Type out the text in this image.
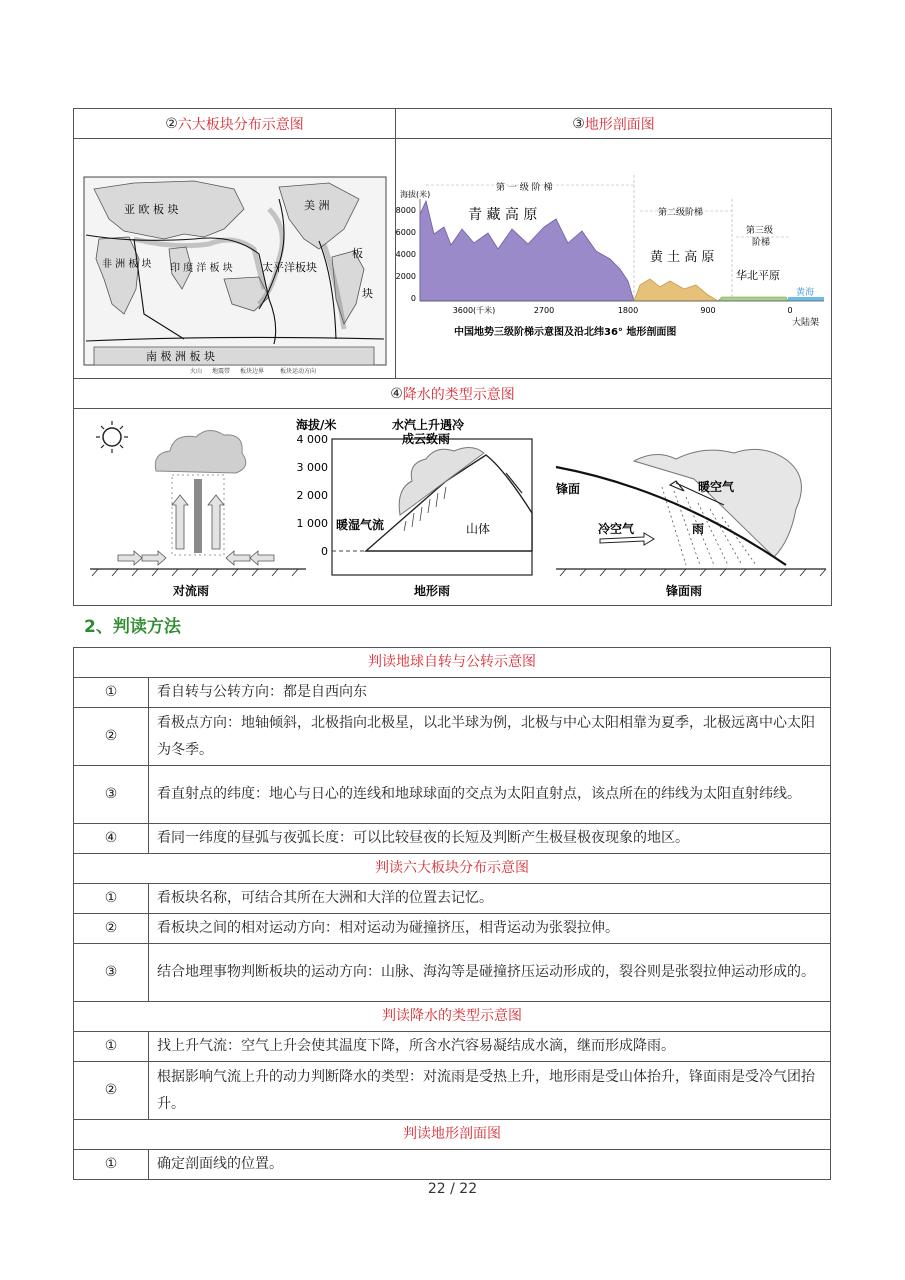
② 六大板块分布示意图	③ 地形剖面图
亚 欧 板 块	美 洲
非 洲 板 块 印 度 洋 板 块	太平洋板块
板
块
南 极 洲 板 块
火山 地震带 板块边界	板块运动方向
海拔(米)
8000
6000
4000
2000
0
第 一 级 阶 梯
第二级阶梯
第三级
阶梯
青 藏 高 原
黄 土 高 原
华北平原
黄海
3600(千米)	2700	1800	900	0
大陆架
中国地势三级阶梯示意图及沿北纬36° 地形剖面图
④ 降水的类型示意图
对流雨
海拔/米
4 000
3 000
2 000
1 000
0
水汽上升遇冷
成云致雨
暖湿气流	山体
地形雨
锋面	暖空气
冷空气	雨
锋面雨
2、判读方法
判读地球自转与公转示意图	
①	看自转与公转方向：都是自西向东
②	看极点方向：地轴倾斜，北极指向北极星，以北半球为例，北极与中心太阳相靠为夏季，北极远离中心太阳为冬季。
③	看直射点的纬度：地心与日心的连线和地球球面的交点为太阳直射点，该点所在的纬线为太阳直射纬线。
④	看同一纬度的昼弧与夜弧长度：可以比较昼夜的长短及判断产生极昼极夜现象的地区。
判读六大板块分布示意图	
①	看板块名称，可结合其所在大洲和大洋的位置去记忆。
②	看板块之间的相对运动方向：相对运动为碰撞挤压，相背运动为张裂拉伸。
③	结合地理事物判断板块的运动方向：山脉、海沟等是碰撞挤压运动形成的，裂谷则是张裂拉伸运动形成的。
判读降水的类型示意图	
①	找上升气流：空气上升会使其温度下降，所含水汽容易凝结成水滴，继而形成降雨。
②	根据影响气流上升的动力判断降水的类型：对流雨是受热上升，地形雨是受山体抬升，锋面雨是受冷气团抬升。
判读地形剖面图	
①	确定剖面线的位置。
22 / 22
